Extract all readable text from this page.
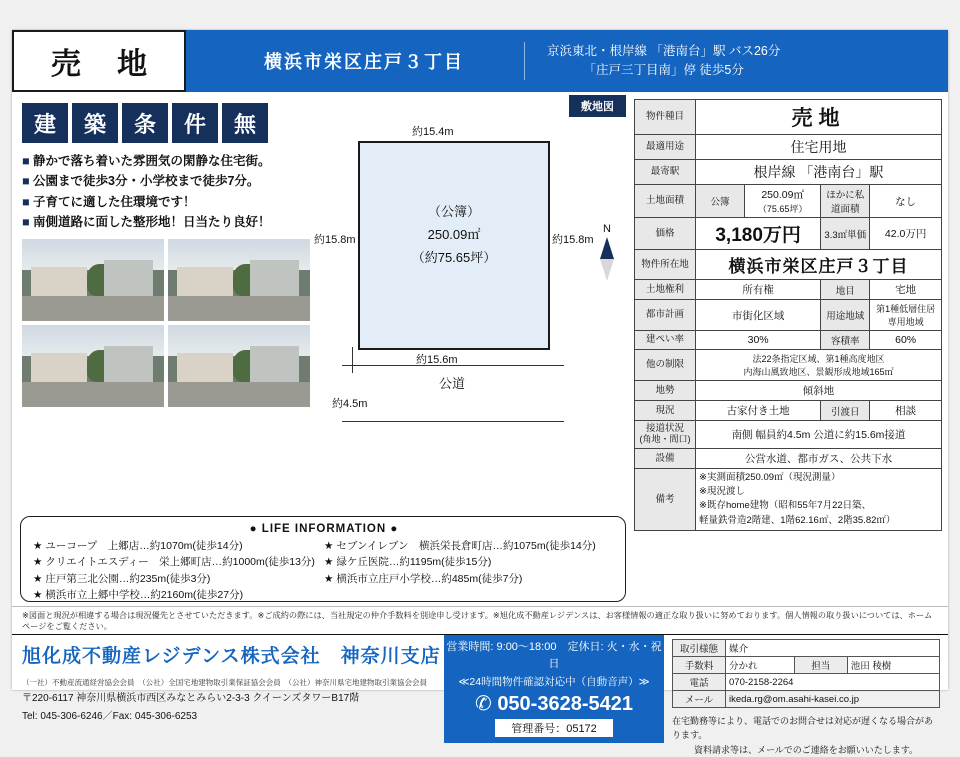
売 地	横浜市栄区庄戸３丁目
京浜東北・根岸線 「港南台」駅 バス26分
「庄戸三丁目南」停 徒歩5分
建	築	条	件	無
■ 静かで落ち着いた雰囲気の閑静な住宅街。
■ 公園まで徒歩3分・小学校まで徒歩7分。
■ 子育てに適した住環境です！
■ 南側道路に面した整形地！日当たり良好！
敷地図
約15.4m
約15.8m	約15.8m
（公簿）
250.09㎡
（約75.65坪）
約15.6m
公道
約4.5m
N
物件種目	売地			
最適用途	住宅用地			
最寄駅	根岸線 「港南台」駅			
土地面積	公簿	250.09㎡ （75.65坪）	ほかに私道面積	なし
価格	3,180万円		3.3㎡単価	42.0万円
物件所在地	横浜市栄区庄戸３丁目			
土地権利	所有権		地目	宅地
都市計画	市街化区域		用途地域	第1種低層住居専用地域
建ぺい率	30%		容積率	60%
他の制限	法22条指定区域、第1種高度地区
内海山風致地区、景観形成地域165㎡			

地勢	傾斜地			
現況	古家付き土地		引渡日	相談
接道状況
(角地・間口)	南側 幅員約4.5m 公道に約15.6m接道			
設備	公営水道、都市ガス、公共下水			
備考	※実測面積250.09㎡（現況測量）
※現況渡し
※既存home建物（昭和55年7月22日築、
軽量鉄骨造2階建、1階62.16㎡、2階35.82㎡）			
● LIFE INFORMATION ●
★ ユーコープ　上郷店…約1070m(徒歩14分)
★ クリエイトエスディー　栄上郷町店…約1000m(徒歩13分)
★ 庄戸第三北公園…約235m(徒歩3分)
★ 横浜市立上郷中学校…約2160m(徒歩27分)
★ セブンイレブン　横浜栄長倉町店…約1075m(徒歩14分)
★ 緑ケ丘医院…約1195m(徒歩15分)
★ 横浜市立庄戸小学校…約485m(徒歩7分)
※図面と現況が相違する場合は現況優先とさせていただきます。※ご成約の際には、当社規定の仲介手数料を別途申し受けます。※旭化成不動産レジデンスは、お客様情報の適正な取り扱いに努めております。個人情報の取り扱いについては、ホームページをご覧ください。
旭化成不動産レジデンス株式会社　神奈川支店
（一社）不動産流通経営協会会員　（公社）全国宅地建物取引業保証協会会員　（公社）神奈川県宅地建物取引業協会会員
〒220-6117 神奈川県横浜市西区みなとみらい2-3-3 クイーンズタワーB17階
Tel: 045-306-6246／Fax: 045-306-6253
営業時間: 9:00〜18:00　定休日: 火・水・祝日
≪24時間物件確認対応中（自動音声）≫
✆ 050-3628-5421
管理番号：05172
取引様態	媒介		
手数料	分かれ	担当	池田 稜樹
電話	070-2158-2264		
メール	ikeda.rg@om.asahi-kasei.co.jp		
在宅勤務等により、電話でのお問合せは対応が遅くなる場合があります。
資料請求等は、メールでのご連絡をお願いいたします。
